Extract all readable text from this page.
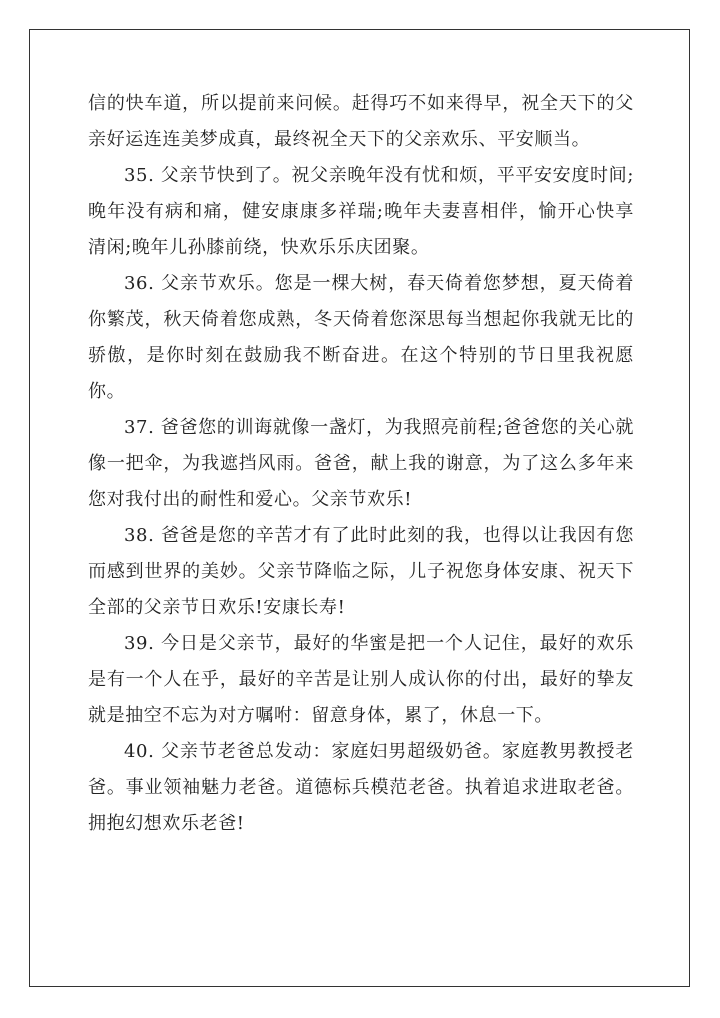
信的快车道，所以提前来问候。赶得巧不如来得早，祝全天下的父亲好运连连美梦成真，最终祝全天下的父亲欢乐、平安顺当。

35. 父亲节快到了。祝父亲晚年没有忧和烦，平平安安度时间;晚年没有病和痛，健安康康多祥瑞;晚年夫妻喜相伴，愉开心快享清闲;晚年儿孙膝前绕，快欢乐乐庆团聚。

36. 父亲节欢乐。您是一棵大树，春天倚着您梦想，夏天倚着你繁茂，秋天倚着您成熟，冬天倚着您深思每当想起你我就无比的骄傲，是你时刻在鼓励我不断奋进。在这个特别的节日里我祝愿你。

37. 爸爸您的训诲就像一盏灯，为我照亮前程;爸爸您的关心就像一把伞，为我遮挡风雨。爸爸，献上我的谢意，为了这么多年来您对我付出的耐性和爱心。父亲节欢乐!

38. 爸爸是您的辛苦才有了此时此刻的我，也得以让我因有您而感到世界的美妙。父亲节降临之际，儿子祝您身体安康、祝天下全部的父亲节日欢乐!安康长寿!

39. 今日是父亲节，最好的华蜜是把一个人记住，最好的欢乐是有一个人在乎，最好的辛苦是让别人成认你的付出，最好的挚友就是抽空不忘为对方嘱咐：留意身体，累了，休息一下。

40. 父亲节老爸总发动：家庭妇男超级奶爸。家庭教男教授老爸。事业领袖魅力老爸。道德标兵模范老爸。执着追求进取老爸。拥抱幻想欢乐老爸!
